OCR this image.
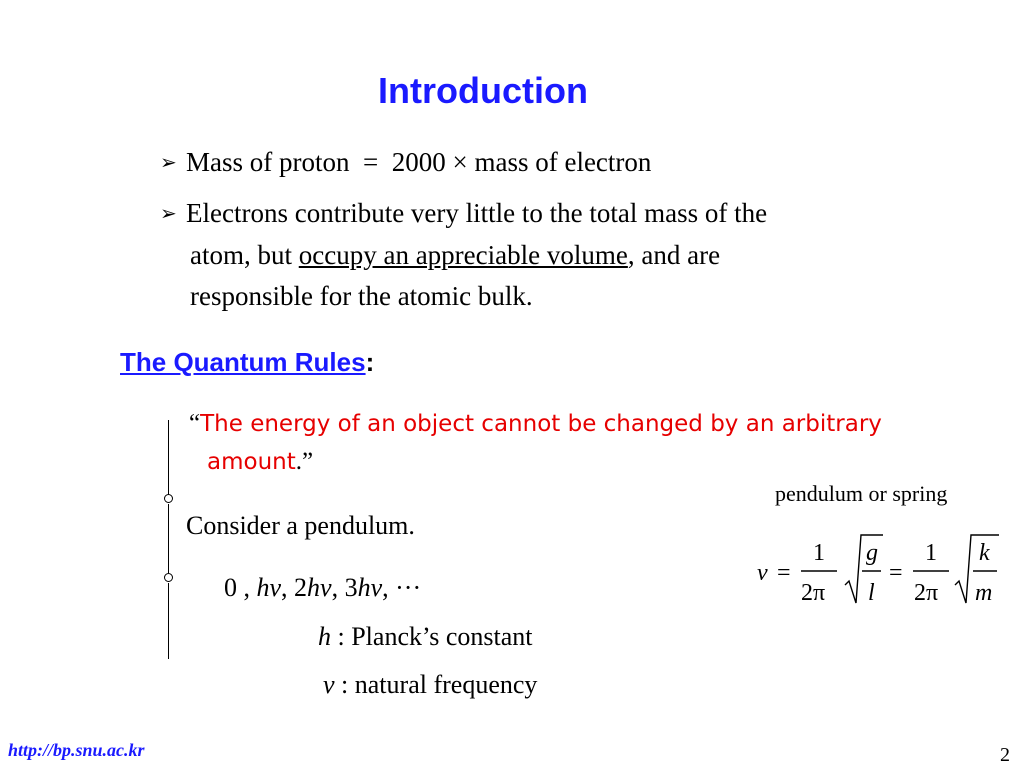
Introduction
➢ Mass of proton = 2000 × mass of electron
➢ Electrons contribute very little to the total mass of the
atom, but occupy an appreciable volume, and are
responsible for the atomic bulk.
The Quantum Rules:
“The energy of an object cannot be changed by an arbitrary
amount.”
Consider a pendulum.
0 , hν, 2hν, 3hν, ···
h : Planck’s constant
ν : natural frequency
pendulum or spring
ν =
1
2π
g
l
=
1
2π
k
m
http://bp.snu.ac.kr	2
